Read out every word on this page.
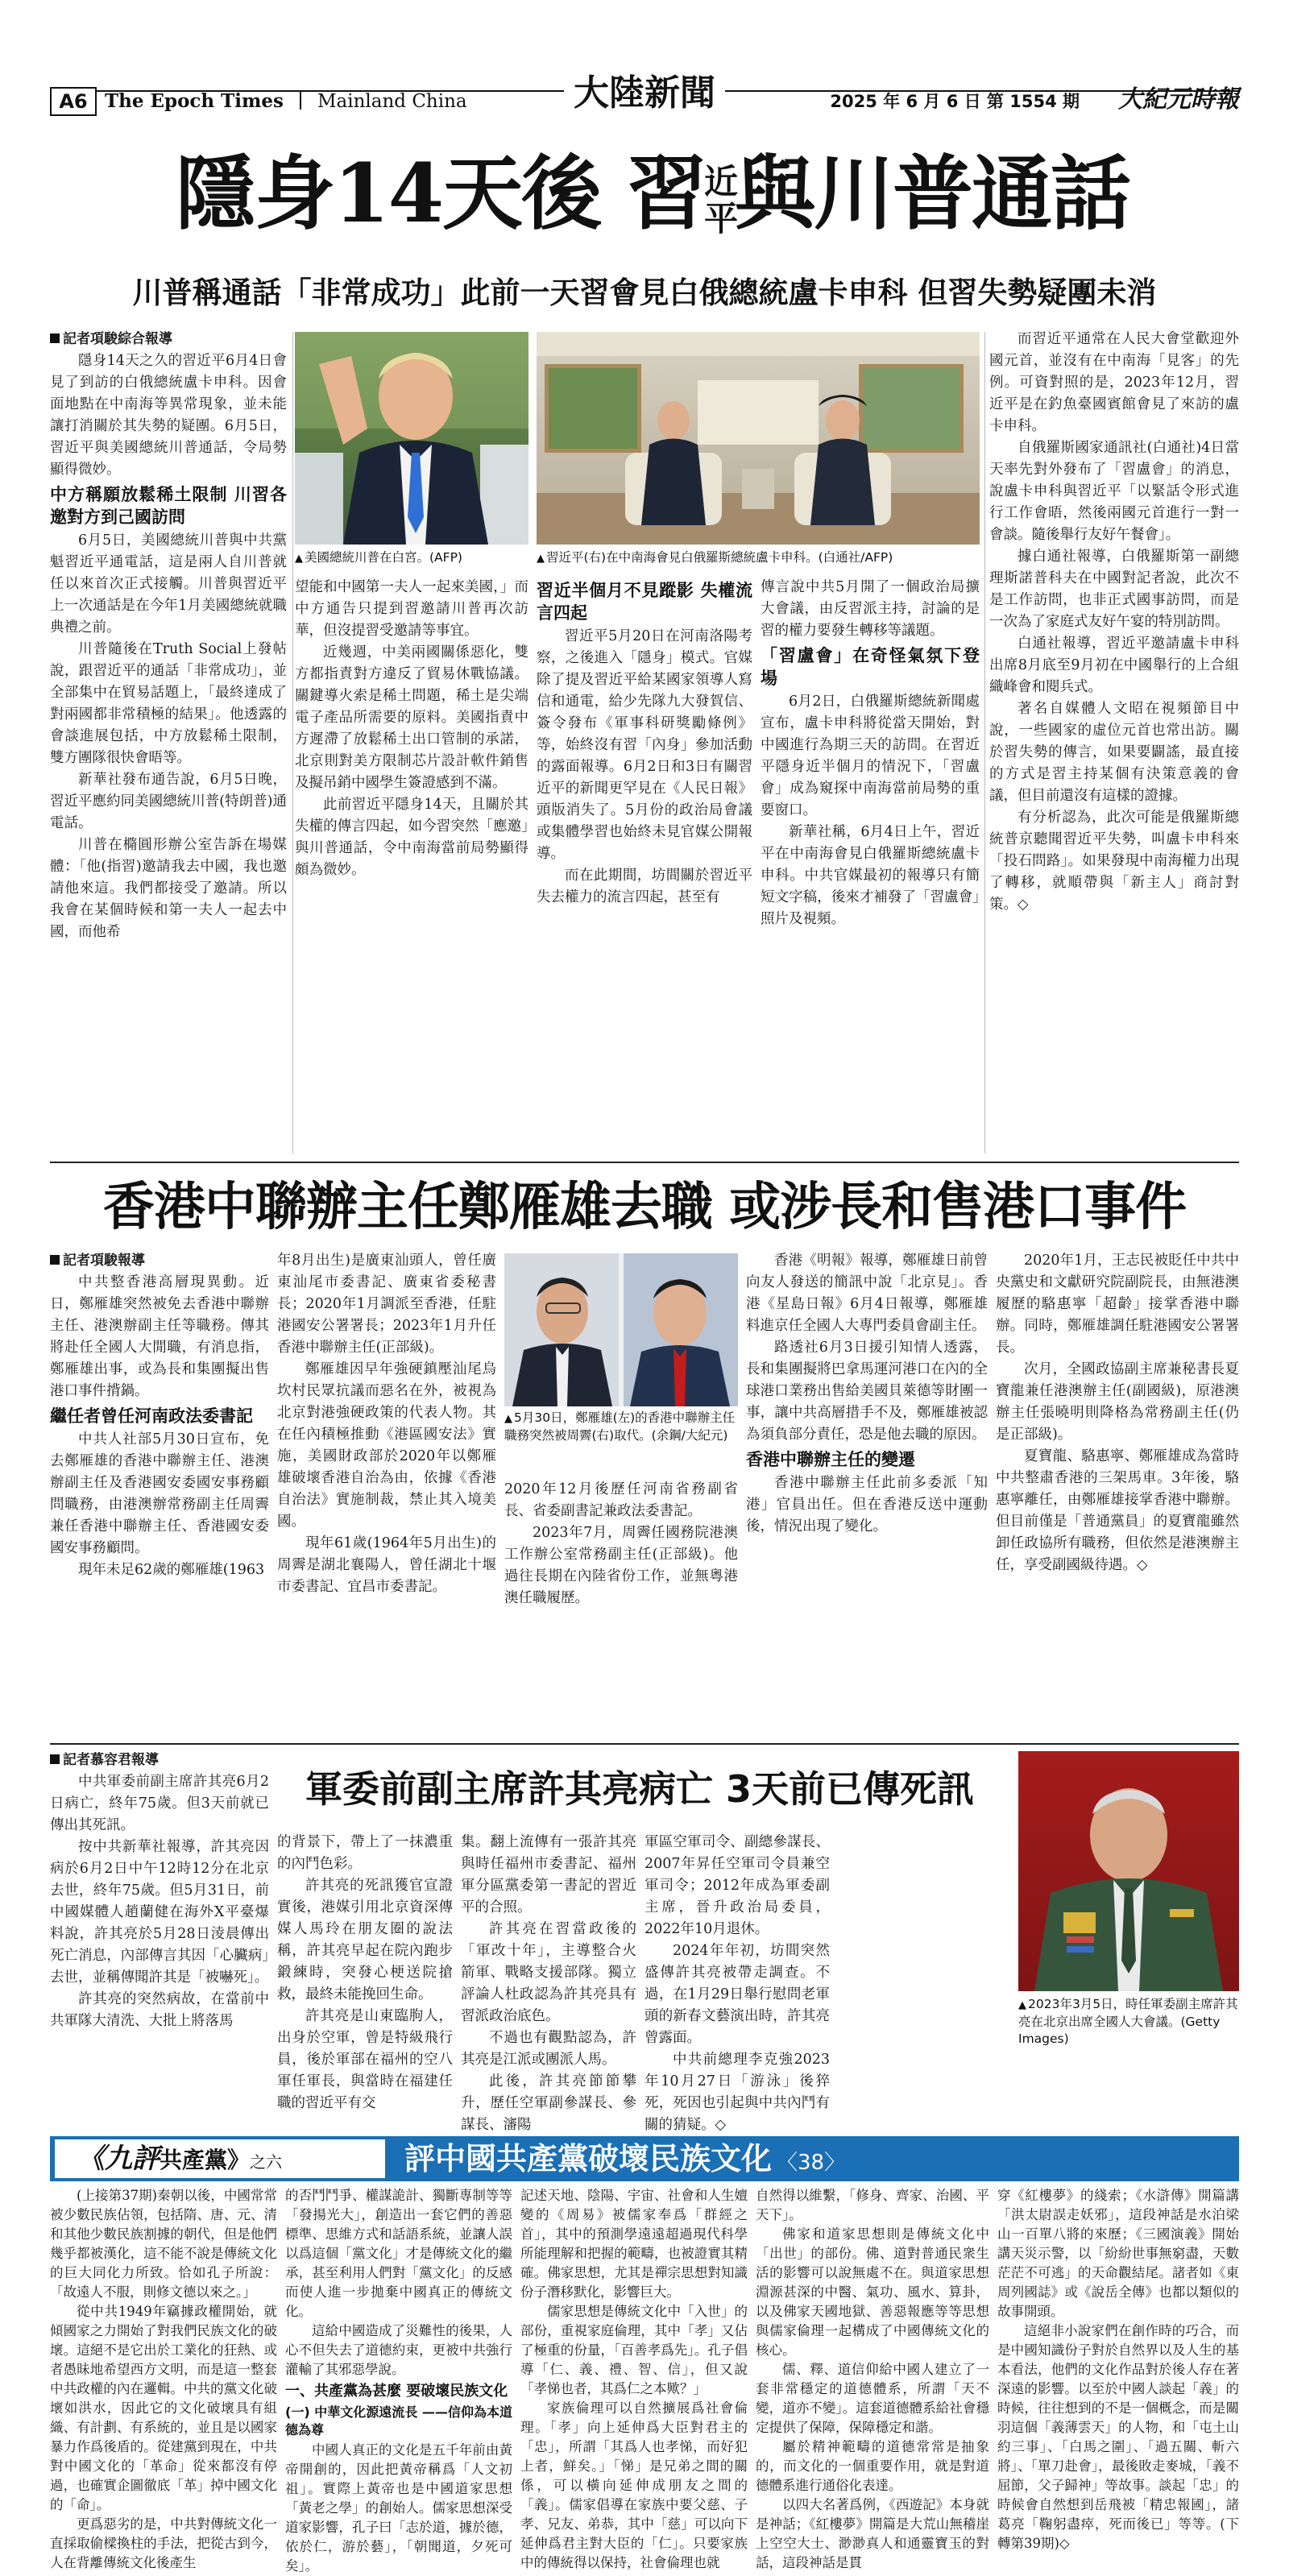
A6 The Epoch Times Mainland China	大陸新聞	2025 年 6 月 6 日 第 1554 期	大紀元時報
隱身14天後 習
近
平
與川普通話
川普稱通話「非常成功」此前一天習會見白俄總統盧卡申科 但習失勢疑團未消
記者項駿綜合報導

隱身14天之久的習近平6月4日會見了到訪的白俄總統盧卡申科。因會面地點在中南海等異常現象，並未能讓打消關於其失勢的疑團。6月5日，習近平與美國總統川普通話，令局勢顯得微妙。

中方稱願放鬆稀土限制 川習各邀對方到己國訪問

6月5日，美國總統川普與中共黨魁習近平通電話，這是兩人自川普就任以來首次正式接觸。川普與習近平上一次通話是在今年1月美國總統就職典禮之前。

川普隨後在Truth Social上發帖說，跟習近平的通話「非常成功」，並全部集中在貿易話題上，「最終達成了對兩國都非常積極的結果」。他透露的會談進展包括，中方放鬆稀土限制，雙方團隊很快會晤等。

新華社發布通告說，6月5日晚，習近平應約同美國總統川普(特朗普)通電話。

川普在橢圓形辦公室告訴在場媒體：「他(指習)邀請我去中國，我也邀請他來這。我們都接受了邀請。所以我會在某個時候和第一夫人一起去中國，而他希

▲ 美國總統川普在白宮。(AFP)	▲ 習近平(右)在中南海會見白俄羅斯總統盧卡申科。(白通社/AFP)

望能和中國第一夫人一起來美國，」而中方通告只提到習邀請川普再次訪華，但沒提習受邀請等事宜。

近幾週，中美兩國關係惡化，雙方都指責對方違反了貿易休戰協議。關鍵導火索是稀土問題，稀土是尖端電子產品所需要的原料。美國指責中方遲滯了放鬆稀土出口管制的承諾，北京則對美方限制芯片設計軟件銷售及擬吊銷中國學生簽證感到不滿。

此前習近平隱身14天，且關於其失權的傳言四起，如今習突然「應邀」與川普通話，令中南海當前局勢顯得頗為微妙。

習近半個月不見蹤影 失權流言四起

習近平5月20日在河南洛陽考察，之後進入「隱身」模式。官媒除了提及習近平給某國家領導人寫信和通電，給少先隊九大發賀信、簽令發布《軍事科研獎勵條例》等，始終沒有習「內身」參加活動的露面報導。6月2日和3日有關習近平的新聞更罕見在《人民日報》頭版消失了。5月份的政治局會議或集體學習也始終未見官媒公開報導。

而在此期間，坊間關於習近平失去權力的流言四起，甚至有

傳言說中共5月開了一個政治局擴大會議，由反習派主持，討論的是習的權力要發生轉移等議題。

「習盧會」在奇怪氣氛下登場

6月2日，白俄羅斯總統新聞處宣布，盧卡申科將從當天開始，對中國進行為期三天的訪問。在習近平隱身近半個月的情況下，「習盧會」成為窺探中南海當前局勢的重要窗口。

新華社稱，6月4日上午，習近平在中南海會見白俄羅斯總統盧卡申科。中共官媒最初的報導只有簡短文字稿，後來才補發了「習盧會」照片及視頻。

而習近平通常在人民大會堂歡迎外國元首，並沒有在中南海「見客」的先例。可資對照的是，2023年12月，習近平是在釣魚臺國賓館會見了來訪的盧卡申科。

自俄羅斯國家通訊社(白通社)4日當天率先對外發布了「習盧會」的消息，說盧卡申科與習近平「以緊話令形式進行工作會晤，然後兩國元首進行一對一會談。隨後舉行友好午餐會」。

據白通社報導，白俄羅斯第一副總理斯諾普科夫在中國對記者說，此次不是工作訪問，也非正式國事訪問，而是一次為了家庭式友好午宴的特別訪問。

白通社報導，習近平邀請盧卡申科出席8月底至9月初在中國舉行的上合組織峰會和閱兵式。

著名自媒體人文昭在視頻節目中說，一些國家的虛位元首也常出訪。關於習失勢的傳言，如果要闢謠，最直接的方式是習主持某個有決策意義的會議，但目前還沒有這樣的證據。

有分析認為，此次可能是俄羅斯總統普京聽聞習近平失勢，叫盧卡申科來「投石問路」。如果發現中南海權力出現了轉移，就順帶與「新主人」商討對策。◇

香港中聯辦主任鄭雁雄去職 或涉長和售港口事件
記者項駿報導

中共整香港高層現異動。近日，鄭雁雄突然被免去香港中聯辦主任、港澳辦副主任等職務。傳其將赴任全國人大閒職，有消息指，鄭雁雄出事，或為長和集團擬出售港口事件揹鍋。

繼任者曾任河南政法委書記

中共人社部5月30日宣布，免去鄭雁雄的香港中聯辦主任、港澳辦副主任及香港國安委國安事務顧問職務，由港澳辦常務副主任周霽兼任香港中聯辦主任、香港國安委國安事務顧問。

現年未足62歲的鄭雁雄(1963

年8月出生)是廣東汕頭人，曾任廣東汕尾市委書記、廣東省委秘書長；2020年1月調派至香港，任駐港國安公署署長；2023年1月升任香港中聯辦主任(正部級)。

鄭雁雄因早年強硬鎮壓汕尾烏坎村民眾抗議而惡名在外，被視為北京對港強硬政策的代表人物。其在任內積極推動《港區國安法》實施，美國財政部於2020年以鄭雁雄破壞香港自治為由，依據《香港自治法》實施制裁，禁止其入境美國。

現年61歲(1964年5月出生)的周霽是湖北襄陽人，曾任湖北十堰市委書記、宜昌市委書記。

▲ 5月30日，鄭雁雄(左)的香港中聯辦主任職務突然被周霽(右)取代。(余鋼/大紀元)

2020年12月後歷任河南省務副省長、省委副書記兼政法委書記。

2023年7月，周霽任國務院港澳工作辦公室常務副主任(正部級)。他過往長期在內陸省份工作，並無粵港澳任職履歷。

香港《明報》報導，鄭雁雄日前曾向友人發送的簡訊中說「北京見」。香港《星島日報》6月4日報導，鄭雁雄料進京任全國人大專門委員會副主任。

路透社6月3日援引知情人透露，長和集團擬將巴拿馬運河港口在內的全球港口業務出售給美國貝萊德等財團一事，讓中共高層措手不及，鄭雁雄被認為須負部分責任，恐是他去職的原因。

香港中聯辦主任的變遷

香港中聯辦主任此前多委派「知港」官員出任。但在香港反送中運動後，情況出現了變化。

2020年1月，王志民被貶任中共中央黨史和文獻研究院副院長，由無港澳履歷的駱惠寧「超齡」接掌香港中聯辦。同時，鄭雁雄調任駐港國安公署署長。

次月，全國政協副主席兼秘書長夏寶龍兼任港澳辦主任(副國級)，原港澳辦主任張曉明則降格為常務副主任(仍是正部級)。

夏寶龍、駱惠寧、鄭雁雄成為當時中共整肅香港的三架馬車。3年後，駱惠寧離任，由鄭雁雄接掌香港中聯辦。但目前僅是「普通黨員」的夏寶龍雖然卸任政協所有職務，但依然是港澳辦主任，享受副國級待遇。◇

記者慕容君報導

中共軍委前副主席許其亮6月2日病亡，終年75歲。但3天前就已傳出其死訊。

按中共新華社報導，許其亮因病於6月2日中午12時12分在北京去世，終年75歲。但5月31日，前中國媒體人趙蘭健在海外X平臺爆料說，許其亮於5月28日淩晨傳出死亡消息，內部傳言其因「心臟病」去世，並稱傳聞許其是「被嚇死」。

許其亮的突然病故，在當前中共軍隊大清洗、大批上將落馬

軍委前副主席許其亮病亡 3天前已傳死訊

的背景下，帶上了一抹濃重的內鬥色彩。

許其亮的死訊獲官宣證實後，港媒引用北京資深傳媒人馬玲在朋友圈的說法稱，許其亮早起在院內跑步鍛練時，突發心梗送院搶救，最終未能挽回生命。

許其亮是山東臨朐人，出身於空軍，曾是特級飛行員，後於軍部在福州的空八軍任軍長，與當時在福建任職的習近平有交

集。翻上流傳有一張許其亮與時任福州市委書記、福州軍分區黨委第一書記的習近平的合照。

許其亮在習當政後的「軍改十年」，主導整合火箭軍、戰略支援部隊。獨立評論人杜政認為許其亮具有習派政治底色。

不過也有觀點認為，許其亮是江派或團派人馬。

此後，許其亮節節攀升，歷任空軍副參謀長、參謀長、瀋陽

軍區空軍司令、副總參謀長、2007年昇任空軍司令員兼空軍司令；2012年成為軍委副主席，晉升政治局委員，2022年10月退休。

2024年年初，坊間突然盛傳許其亮被帶走調查。不過，在1月29日舉行慰問老軍頭的新春文藝演出時，許其亮曾露面。

中共前總理李克強2023年10月27日「游泳」後猝死，死因也引起與中共內鬥有關的猜疑。◇

▲ 2023年3月5日，時任軍委副主席許其亮在北京出席全國人大會議。(Getty Images)
《九評共產黨》之六	評中國共產黨破壞民族文化 〈38〉

(上接第37期)秦朝以後，中國常常被少數民族佔領，包括隋、唐、元、清和其他少數民族割據的朝代，但是他們幾乎都被漢化，這不能不說是傳統文化的巨大同化力所致。恰如孔子所說：「故遠人不服，則修文德以來之。」

從中共1949年竊據政權開始，就傾國家之力開始了對我們民族文化的破壞。這絕不是它出於工業化的狂熱、或者愚昧地希望西方文明，而是這一整套中共政權的內在邏輯。中共的黨文化破壞如洪水，因此它的文化破壞具有組織、有計劃、有系統的，並且是以國家暴力作爲後盾的。從建黨到現在，中共對中國文化的「革命」從來都沒有停過，也確實企圖徹底「革」掉中國文化的「命」。

更爲惡劣的是，中共對傳統文化一直採取偷樑換柱的手法，把從古到今，人在背離傳統文化後產生

的否鬥鬥爭、權謀詭計、獨斷專制等等「發揚光大」，創造出一套它們的善惡標準、思維方式和話語系統，並讓人誤以爲這個「黨文化」才是傳統文化的繼承，甚至利用人們對「黨文化」的反感而使人進一步拋棄中國真正的傳統文化。

這給中國造成了災難性的後果，人心不但失去了道德約束，更被中共強行灌輸了其邪惡學說。

一、共產黨為甚麼 要破壞民族文化
(一) 中華文化源遠流長 ——信仰為本道德為尊

中國人真正的文化是五千年前由黃帝開創的，因此把黃帝稱爲「人文初祖」。實際上黃帝也是中國道家思想「黃老之學」的創始人。儒家思想深受道家影響，孔子曰「志於道，據於德，依於仁，游於藝」，「朝聞道，夕死可矣」。

記述天地、陰陽、宇宙、社會和人生嬗變的《周易》被儒家奉爲「群經之首」，其中的預測學遠遠超過現代科學所能理解和把握的範疇，也被證實其精確。佛家思想，尤其是禪宗思想對知識份子潛移默化，影響巨大。

儒家思想是傳統文化中「入世」的部份，重視家庭倫理，其中「孝」又佔了極重的份量，「百善孝爲先」。孔子倡導「仁、義、禮、智、信」，但又說「孝悌也者，其爲仁之本歟？」

家族倫理可以自然擴展爲社會倫理。「孝」向上延伸爲大臣對君主的「忠」，所謂「其爲人也孝悌，而好犯上者，鮮矣。」「悌」是兄弟之間的關係，可以橫向延伸成朋友之間的「義」。儒家倡導在家族中要父慈、子孝、兄友、弟恭，其中「慈」可以向下延伸爲君主對大臣的「仁」。只要家族中的傳統得以保持，社會倫理也就

自然得以維繫，「修身、齊家、治國、平天下」。

佛家和道家思想則是傳統文化中「出世」的部份。佛、道對普通民衆生活的影響可以說無處不在。與道家思想淵源甚深的中醫、氣功、風水、算卦，以及佛家天國地獄、善惡報應等等思想與儒家倫理一起構成了中國傳統文化的核心。

儒、釋、道信仰給中國人建立了一套非常穩定的道德體系，所謂「天不變，道亦不變」。這套道德體系給社會穩定提供了保障，保障穩定和諧。

屬於精神範疇的道德常常是抽象的，而文化的一個重要作用，就是對道德體系進行通俗化表達。

以四大名著爲例，《西遊記》本身就是神話；《紅樓夢》開篇是大荒山無稽崖上空空大士、渺渺真人和通靈寶玉的對話，這段神話是貫

穿《紅樓夢》的綫索；《水滸傳》開篇講「洪太尉誤走妖邪」，這段神話是水泊梁山一百單八將的來歷；《三國演義》開始講天災示警，以「紛紛世事無窮盡，天數茫茫不可逃」的天命觀結尾。諸者如《東周列國誌》或《說岳全傳》也都以類似的故事開頭。

這絕非小說家們在創作時的巧合，而是中國知識份子對於自然界以及人生的基本看法，他們的文化作品對於後人存在著深遠的影響。以至於中國人談起「義」的時候，往往想到的不是一個概念，而是關羽這個「義薄雲天」的人物，和「屯土山約三事」、「白馬之圍」、「過五關、斬六將」、「單刀赴會」，最後敗走麥城，「義不屈節，父子歸神」等故事。談起「忠」的時候會自然想到岳飛被「精忠報國」，諸葛亮「鞠躬盡瘁，死而後已」等等。(下轉第39期)◇
